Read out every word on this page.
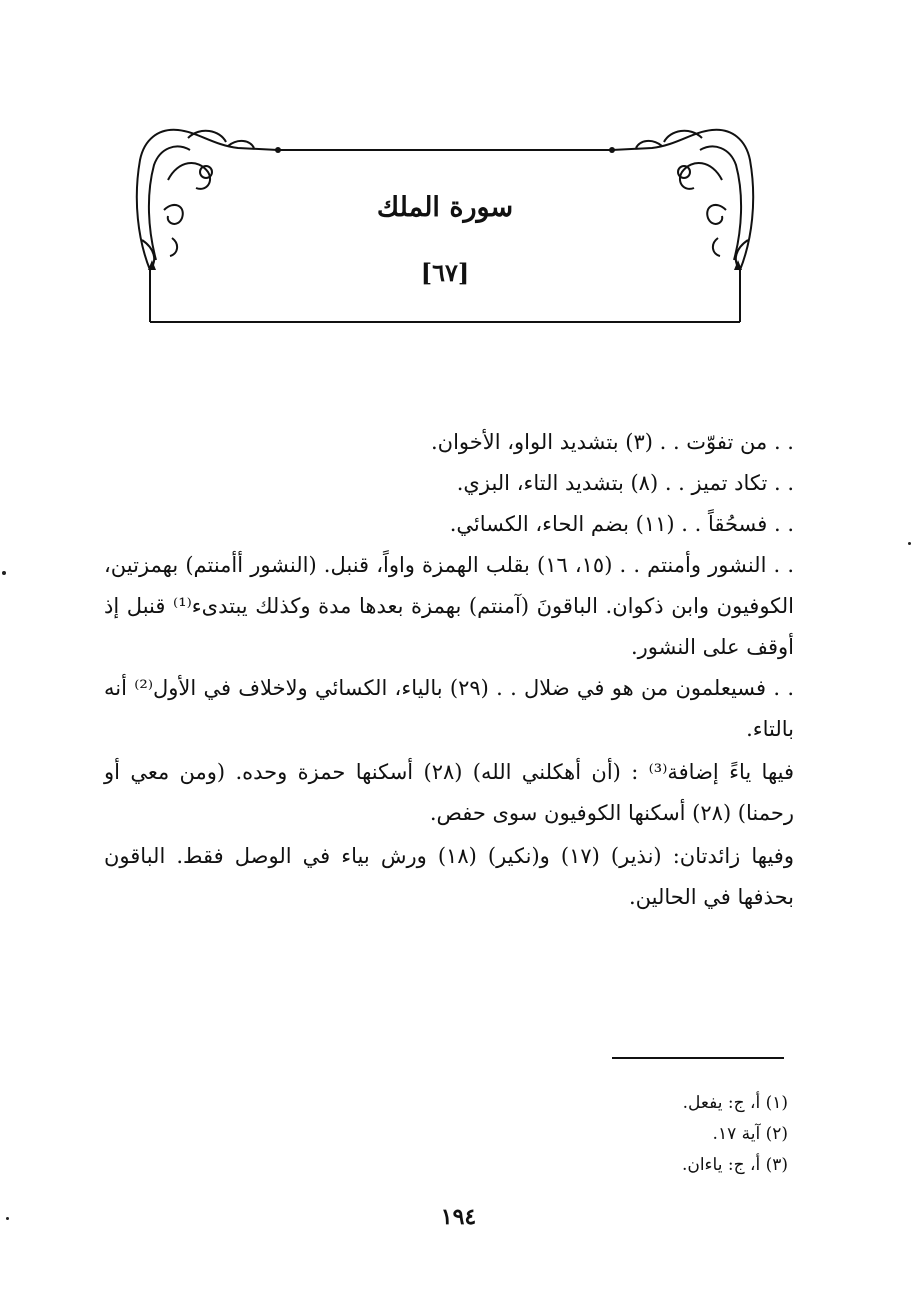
سورة الملك
[٦٧]

. . من تفوّت . . (٣) بتشديد الواو، الأخوان.

. . تكاد تميز . . (٨) بتشديد التاء، البزي.

. . فسحُقاً . . (١١) بضم الحاء، الكسائي.

. . النشور وأمنتم . . (١٥، ١٦) بقلب الهمزة واواً، قنبل. (النشور أأمنتم) بهمزتين، الكوفيون وابن ذكوان. الباقونَ (آمنتم) بهمزة بعدها مدة وكذلك يبتدىء⁽¹⁾ قنبل إذ أوقف على النشور.

. . فسيعلمون من هو في ضلال . . (٢٩) بالياء، الكسائي ولاخلاف في الأول⁽²⁾ أنه بالتاء.

فيها ياءً إضافة⁽³⁾ : (أن أهكلني الله) (٢٨) أسكنها حمزة وحده. (ومن معي أو رحمنا) (٢٨) أسكنها الكوفيون سوى حفص.

وفيها زائدتان: (نذير) (١٧) و(نكير) (١٨) ورش بياء في الوصل فقط. الباقون بحذفها في الحالين.

(١) أ، ج: يفعل.

(٢) آية ١٧.

(٣) أ، ج: ياءان.

١٩٤
